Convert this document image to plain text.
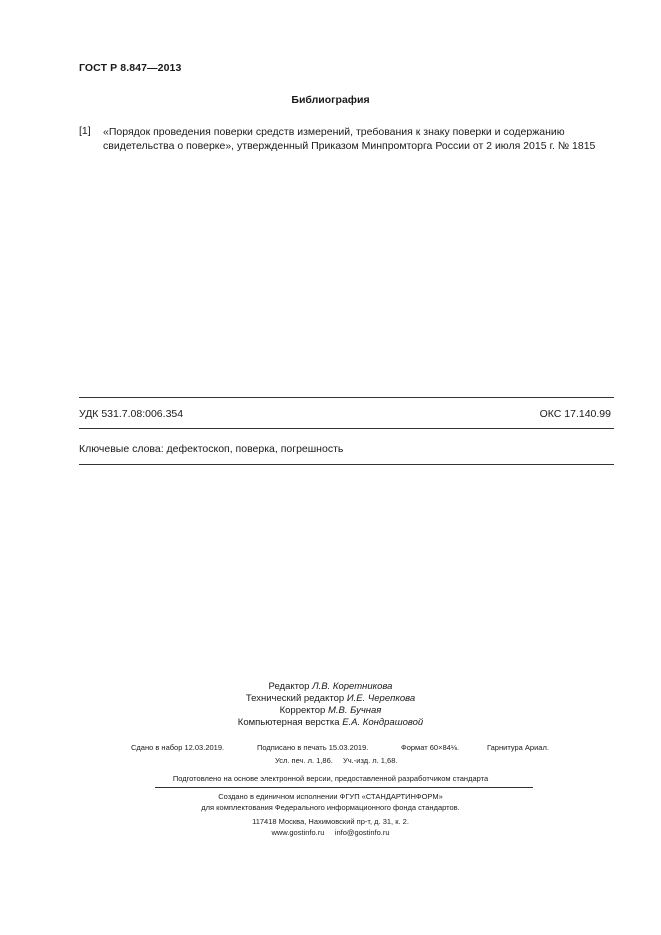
ГОСТ Р 8.847—2013
Библиография
[1] «Порядок проведения поверки средств измерений, требования к знаку поверки и содержанию свидетельства о поверке», утвержденный Приказом Минпромторга России от 2 июля 2015 г. № 1815
УДК 531.7.08:006.354	ОКС 17.140.99
Ключевые слова: дефектоскоп, поверка, погрешность
Редактор Л.В. Коретникова
Технический редактор И.Е. Черепкова
Корректор М.В. Бучная
Компьютерная верстка Е.А. Кондрашовой
Сдано в набор 12.03.2019.	Подписано в печать 15.03.2019.	Формат 60×84⅛.	Гарнитура Ариал.
Усл. печ. л. 1,86. Уч.-изд. л. 1,68.
Подготовлено на основе электронной версии, предоставленной разработчиком стандарта
Создано в единичном исполнении ФГУП «СТАНДАРТИНФОРМ»
для комплектования Федерального информационного фонда стандартов.
117418 Москва, Нахимовский пр-т, д. 31, к. 2.
www.gostinfo.ru info@gostinfo.ru
